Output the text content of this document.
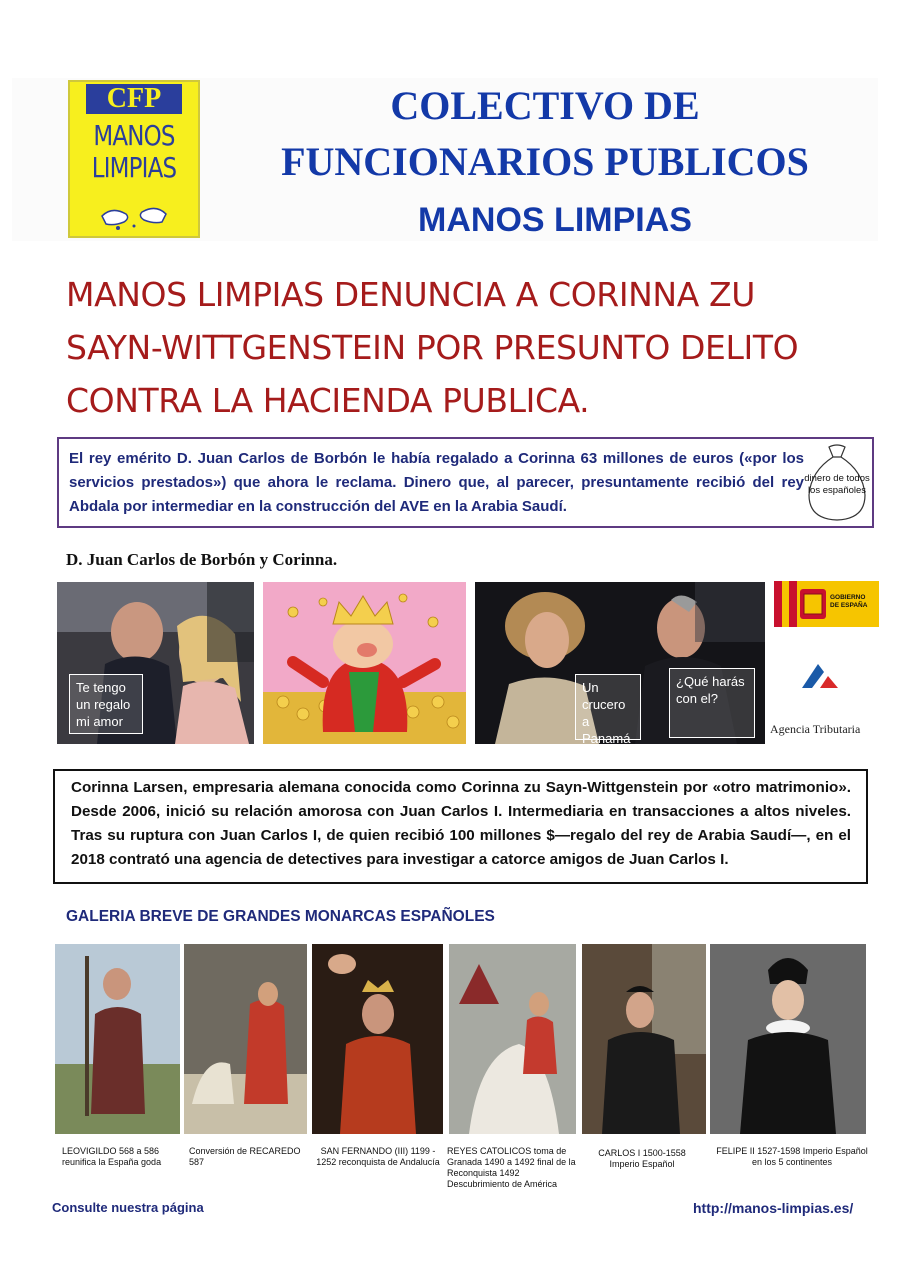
CFP
MANOS
LIMPIAS
COLECTIVO DE
FUNCIONARIOS PUBLICOS
MANOS LIMPIAS
MANOS LIMPIAS DENUNCIA A CORINNA ZU
SAYN-WITTGENSTEIN POR PRESUNTO DELITO
CONTRA LA HACIENDA PUBLICA.
El rey emérito D. Juan Carlos de Borbón le había regalado a Corinna 63 millones de euros («por los servicios prestados») que ahora le reclama. Dinero que, al parecer, presuntamente recibió del rey Abdala por intermediar en la construcción del AVE en la Arabia Saudí.
dinero de todos los españoles
D. Juan Carlos de Borbón y Corinna.
Te tengo un regalo mi amor
Un crucero a Panamá
¿Qué harás con el?
GOBIERNO DE ESPAÑA
Agencia Tributaria
Corinna Larsen, empresaria alemana conocida como Corinna zu Sayn-Wittgenstein por «otro matrimonio». Desde 2006, inició su relación amorosa con Juan Carlos I. Intermediaria en transacciones a altos niveles. Tras su ruptura con Juan Carlos I, de quien recibió 100 millones $—regalo del rey de Arabia Saudí—, en el 2018 contrató una agencia de detectives para investigar a catorce amigos de Juan Carlos I.
GALERIA BREVE DE GRANDES MONARCAS ESPAÑOLES
LEOVIGILDO 568 a 586 reunifica la España goda
Conversión de RECAREDO 587
SAN FERNANDO (III) 1199 - 1252 reconquista de Andalucía
REYES CATOLICOS toma de Granada 1490 a 1492 final de la Reconquista 1492 Descubrimiento de América
CARLOS I 1500-1558 Imperio Español
FELIPE II 1527-1598 Imperio Español en los 5 continentes
Consulte nuestra página	http://manos-limpias.es/
